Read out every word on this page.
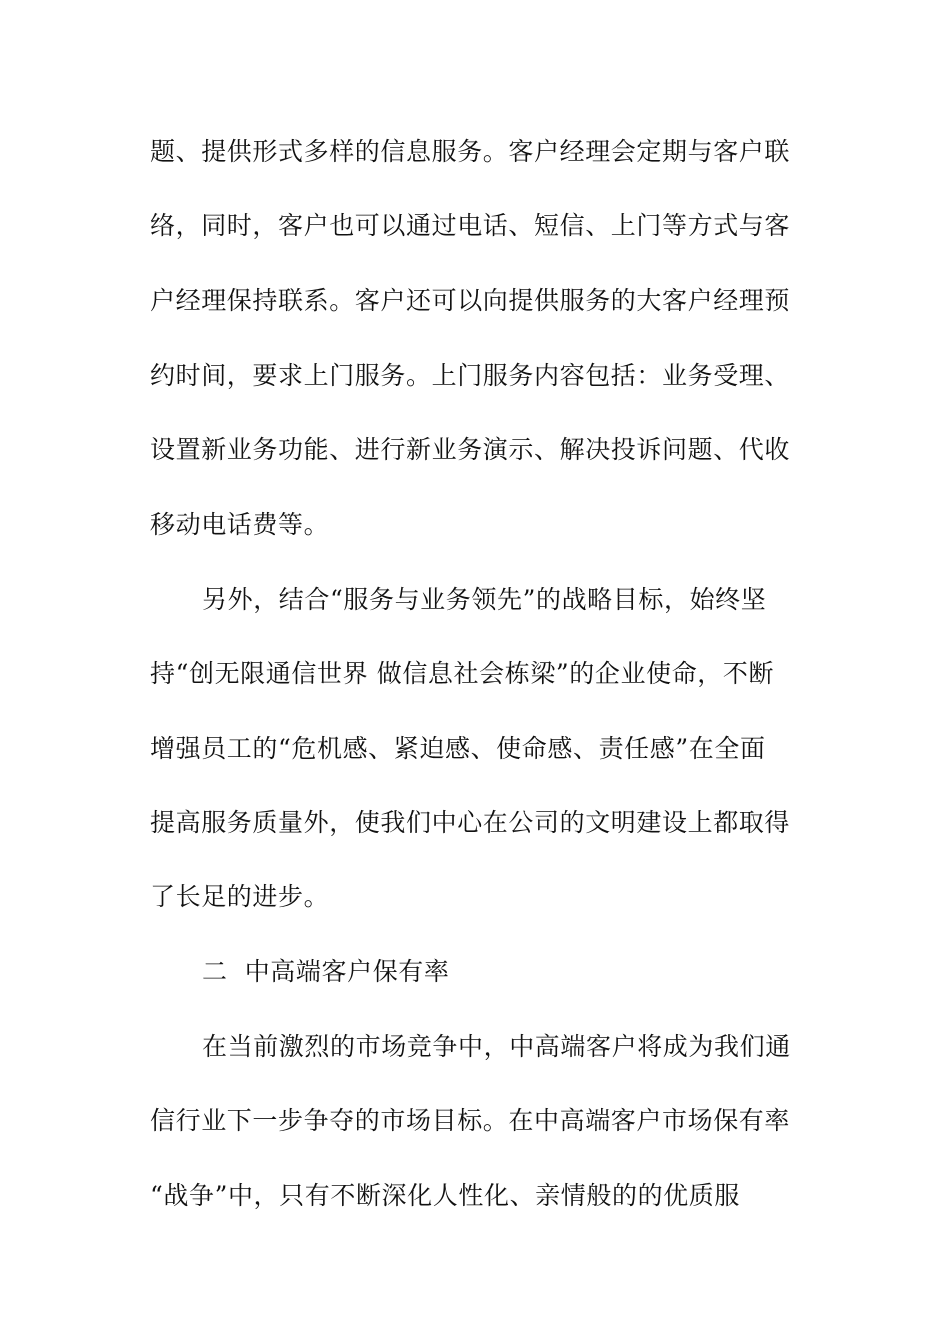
题、提供形式多样的信息服务。客户经理会定期与客户联
络，同时，客户也可以通过电话、短信、上门等方式与客
户经理保持联系。客户还可以向提供服务的大客户经理预
约时间，要求上门服务。上门服务内容包括：业务受理、
设置新业务功能、进行新业务演示、解决投诉问题、代收
移动电话费等。
另外，结合“服务与业务领先”的战略目标，始终坚
持“创无限通信世界 做信息社会栋梁”的企业使命，不断
增强员工的“危机感、紧迫感、使命感、责任感”在全面
提高服务质量外，使我们中心在公司的文明建设上都取得
了长足的进步。
二  中高端客户保有率
在当前激烈的市场竞争中，中高端客户将成为我们通
信行业下一步争夺的市场目标。在中高端客户市场保有率
“战争”中，只有不断深化人性化、亲情般的的优质服
